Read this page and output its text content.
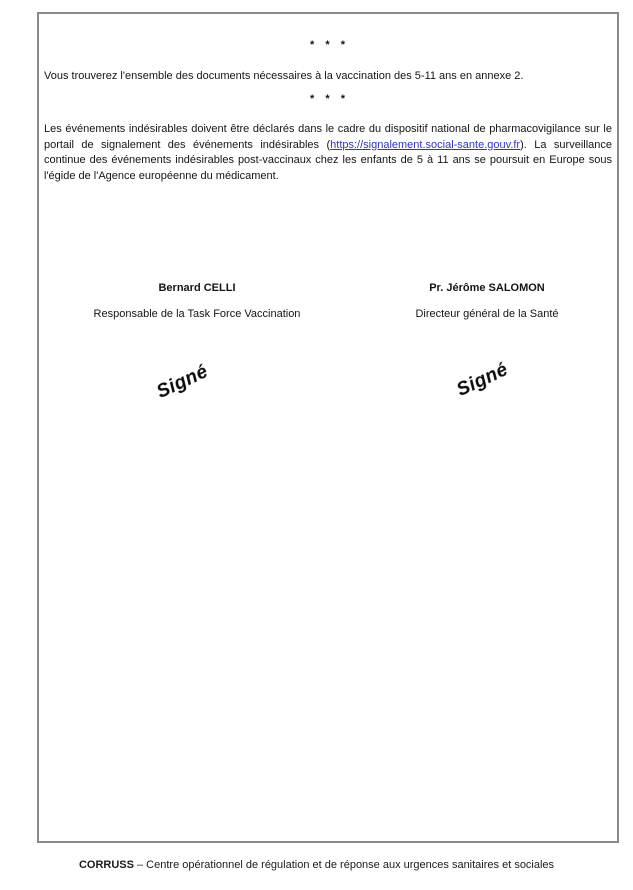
* * *

Vous trouverez l'ensemble des documents nécessaires à la vaccination des 5-11 ans en annexe 2.

* * *

Les événements indésirables doivent être déclarés dans le cadre du dispositif national de pharmacovigilance sur le portail de signalement des événements indésirables (https://signalement.social-sante.gouv.fr). La surveillance continue des événements indésirables post-vaccinaux chez les enfants de 5 à 11 ans se poursuit en Europe sous l'égide de l'Agence européenne du médicament.

Bernard CELLI	Pr. Jérôme SALOMON
Responsable de la Task Force Vaccination	Directeur général de la Santé
Signé	Signé
CORRUSS – Centre opérationnel de régulation et de réponse aux urgences sanitaires et sociales
